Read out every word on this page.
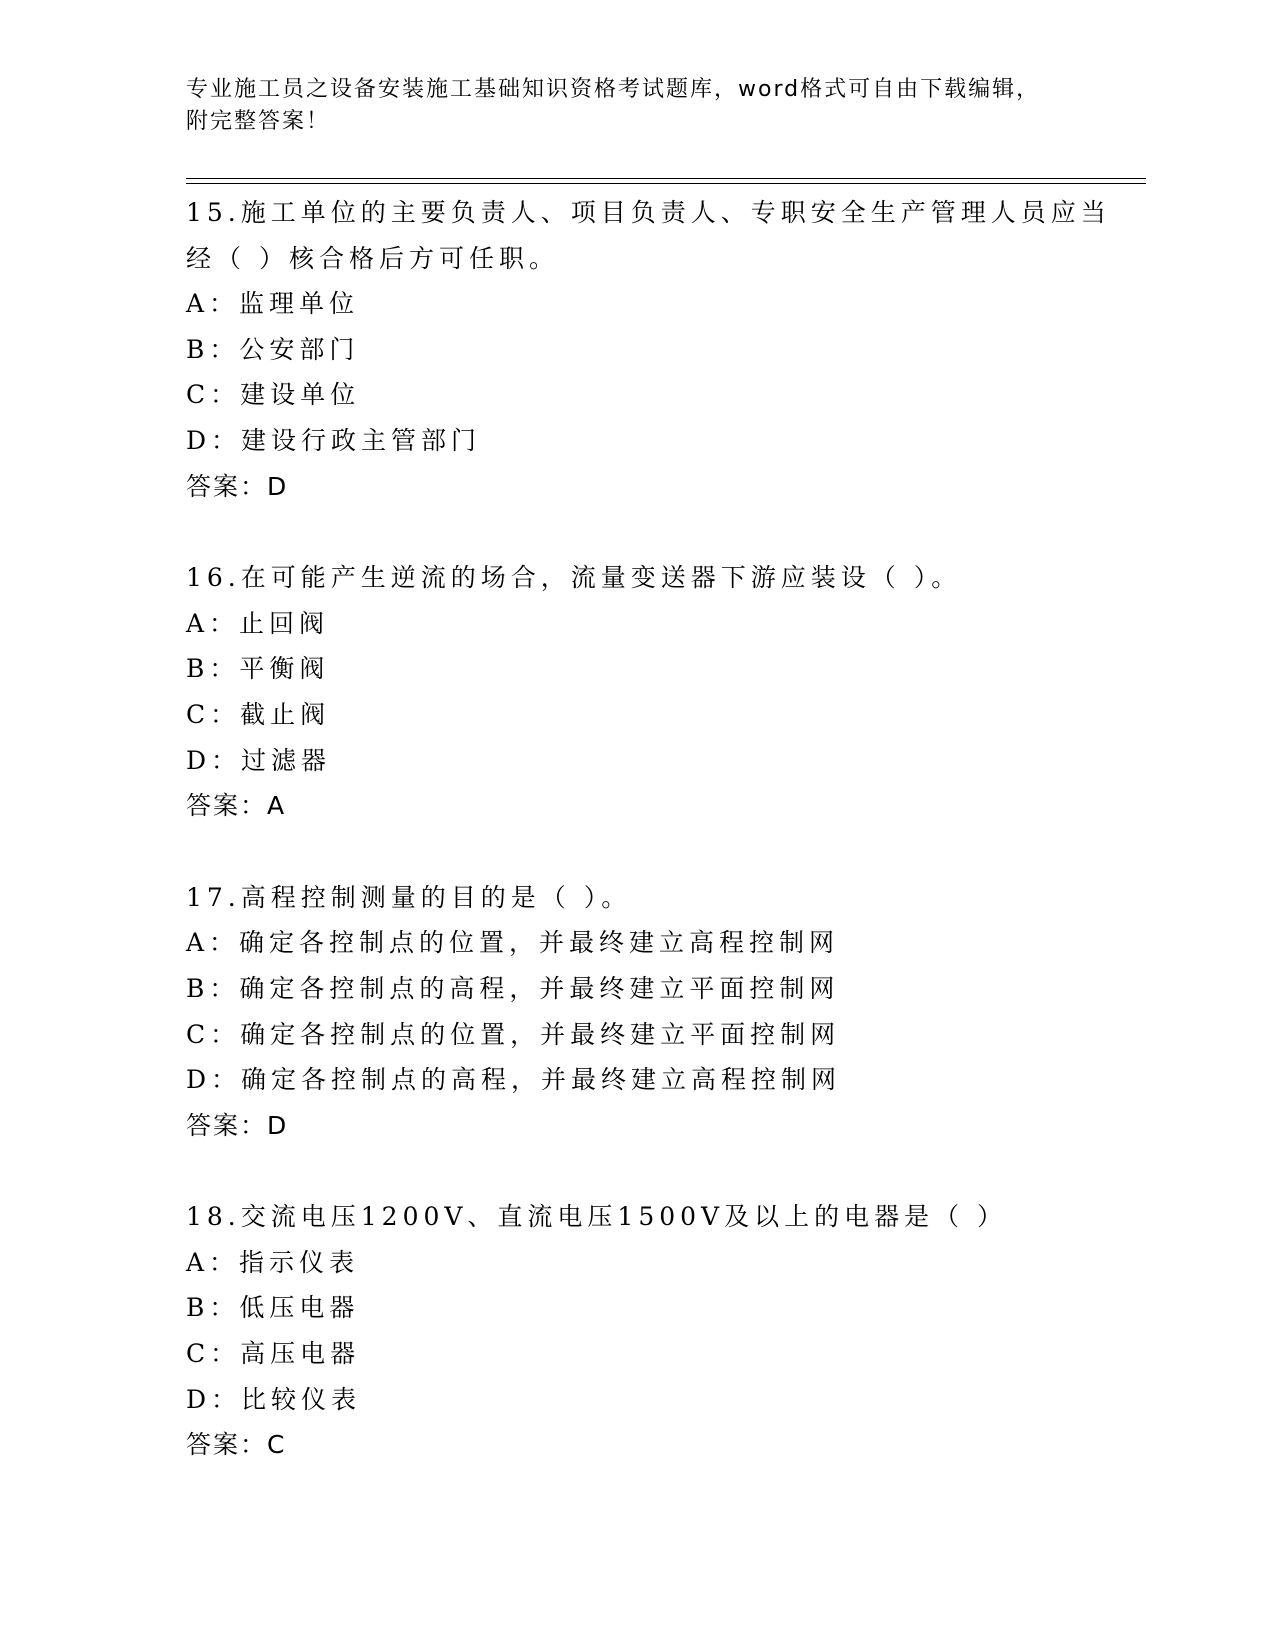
专业施工员之设备安装施工基础知识资格考试题库，word格式可自由下载编辑，
附完整答案！
15.施工单位的主要负责人、项目负责人、专职安全生产管理人员应当
经（ ）核合格后方可任职。
A：监理单位
B：公安部门
C：建设单位
D：建设行政主管部门
答案：D
16.在可能产生逆流的场合，流量变送器下游应装设（ ）。
A：止回阀
B：平衡阀
C：截止阀
D：过滤器
答案：A
17.高程控制测量的目的是（ ）。
A：确定各控制点的位置，并最终建立高程控制网
B：确定各控制点的高程，并最终建立平面控制网
C：确定各控制点的位置，并最终建立平面控制网
D：确定各控制点的高程，并最终建立高程控制网
答案：D
18.交流电压1200V、直流电压1500V及以上的电器是（ ）
A：指示仪表
B：低压电器
C：高压电器
D：比较仪表
答案：C
